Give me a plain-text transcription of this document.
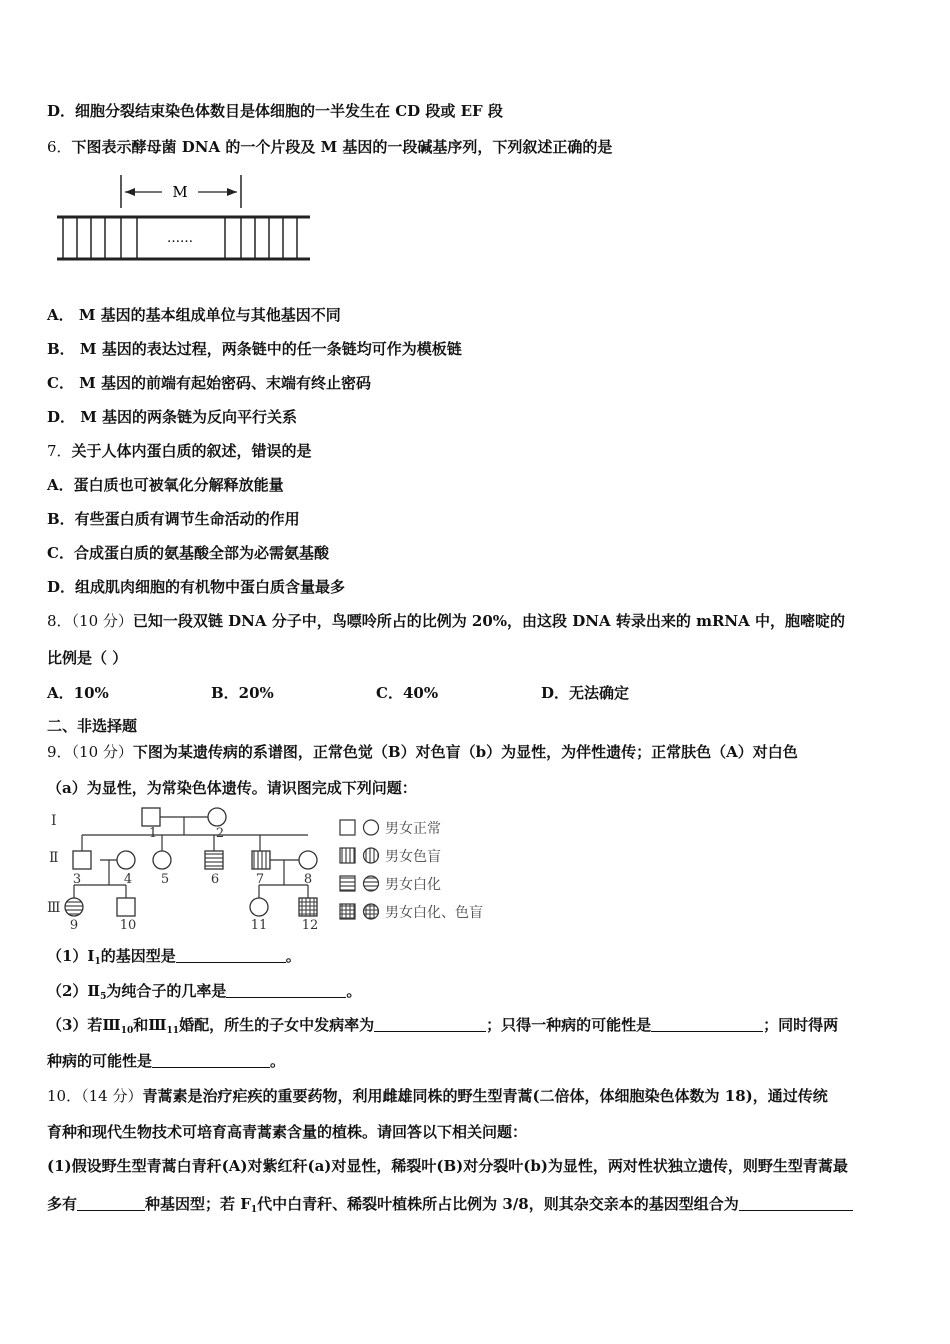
D．细胞分裂结束染色体数目是体细胞的一半发生在 CD 段或 EF 段
6．下图表示酵母菌 DNA 的一个片段及 M 基因的一段碱基序列，下列叙述正确的是
M
……
A． M 基因的基本组成单位与其他基因不同
B． M 基因的表达过程，两条链中的任一条链均可作为模板链
C． M 基因的前端有起始密码、末端有终止密码
D． M 基因的两条链为反向平行关系
7．关于人体内蛋白质的叙述，错误的是
A．蛋白质也可被氧化分解释放能量
B．有些蛋白质有调节生命活动的作用
C．合成蛋白质的氨基酸全部为必需氨基酸
D．组成肌肉细胞的有机物中蛋白质含量最多
8．（10 分）已知一段双链 DNA 分子中，鸟嘌呤所占的比例为 20%，由这段 DNA 转录出来的 mRNA 中，胞嘧啶的
比例是（ ）
A．10%	B．20%	C．40%	D．无法确定
二、非选择题
9．（10 分）下图为某遗传病的系谱图，正常色觉（B）对色盲（b）为显性，为伴性遗传；正常肤色（A）对白色
（a）为显性，为常染色体遗传。请识图完成下列问题：
Ⅰ
Ⅱ
Ⅲ
1	2
3	4 5	6	7	8
9	10	11	12
男女正常
男女色盲
男女白化
男女白化、色盲
$(1)Ⅰ_1$的基因型是	。
$(2)Ⅱ_5$为纯合子的几率是	。
（3）若$Ⅲ_{10}$和$Ⅲ_{11}$婚配，所生的子女中发病率为	；只得一种病的可能性是	；同时得两
种病的可能性是	。
10．（14 分）青蒿素是治疗疟疾的重要药物，利用雌雄同株的野生型青蒿(二倍体，体细胞染色体数为 18)，通过传统
育种和现代生物技术可培育高青蒿素含量的植株。请回答以下相关问题：
(1)假设野生型青蒿白青秆(A)对紫红秆(a)对显性，稀裂叶(B)对分裂叶(b)为显性，两对性状独立遗传，则野生型青蒿最
多有	种基因型；若 $F_1$代中白青秆、稀裂叶植株所占比例为 3/8，则其杂交亲本的基因型组合为
